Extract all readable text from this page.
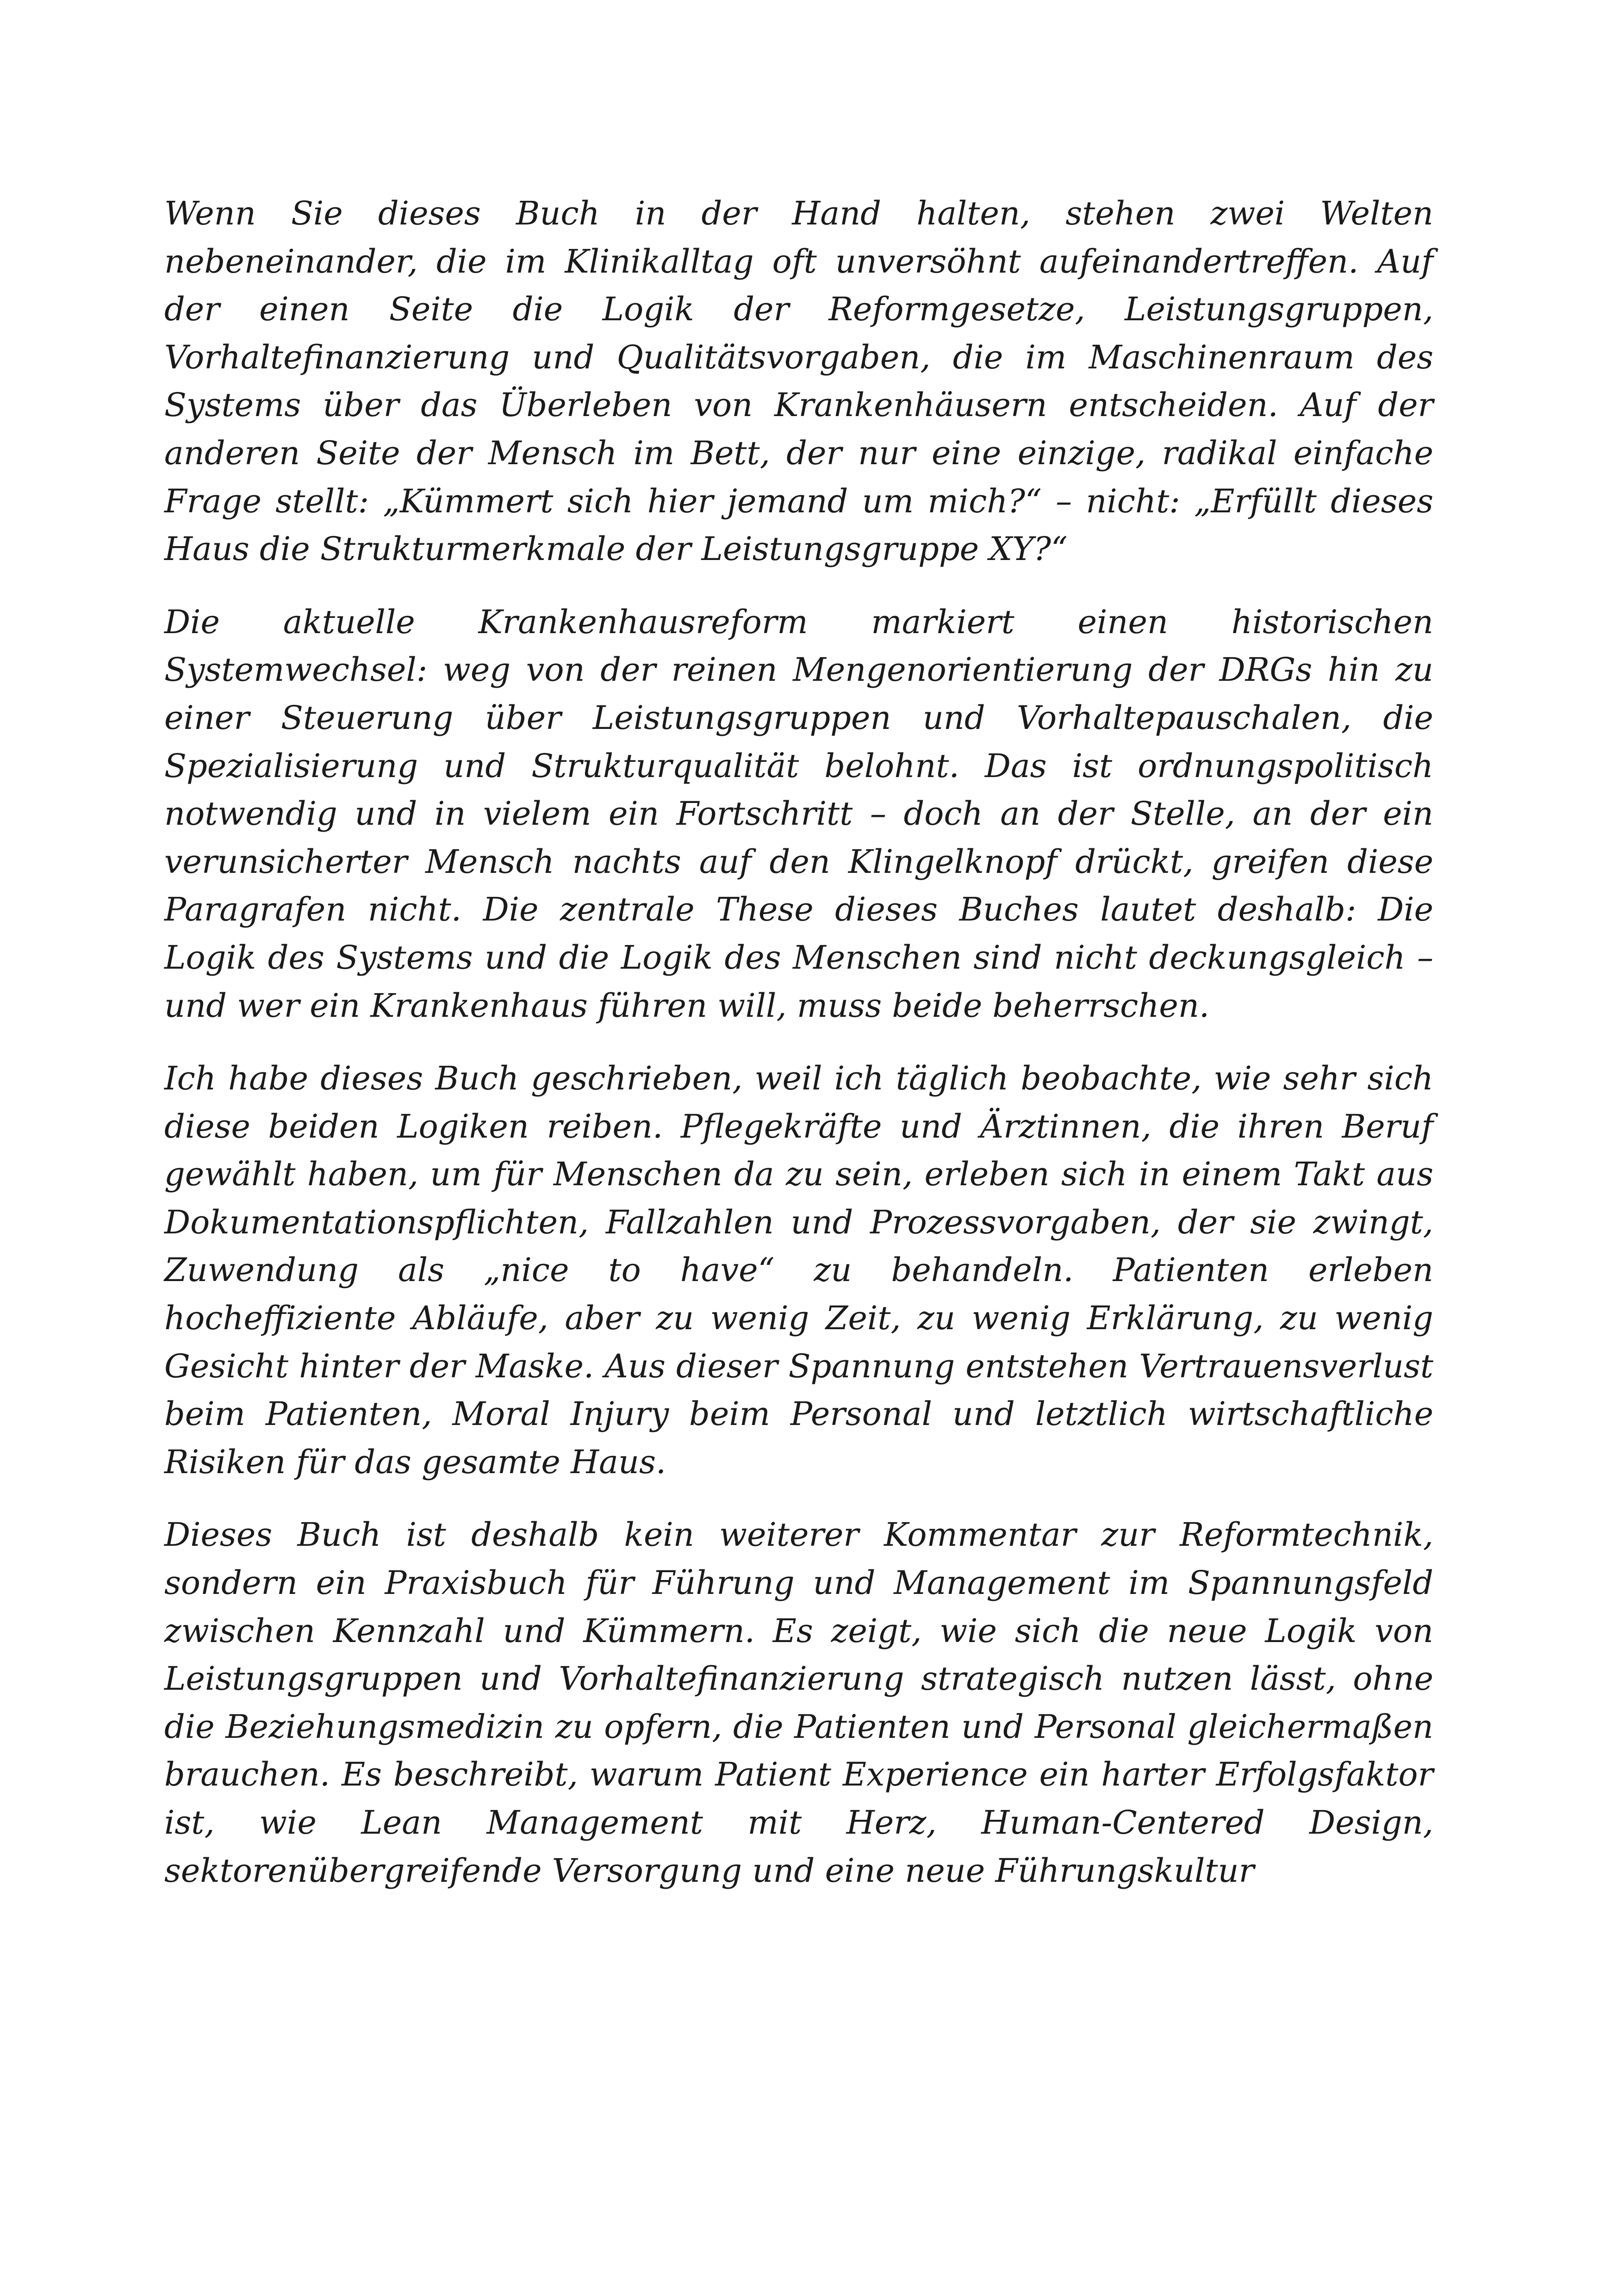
Wenn Sie dieses Buch in der Hand halten, stehen zwei Welten nebeneinander, die im Klinikalltag oft unversöhnt aufeinandertreffen. Auf der einen Seite die Logik der Reformgesetze, Leistungsgruppen, Vorhaltefinanzierung und Qualitätsvorgaben, die im Maschinenraum des Systems über das Überleben von Krankenhäusern entscheiden. Auf der anderen Seite der Mensch im Bett, der nur eine einzige, radikal einfache Frage stellt: „Kümmert sich hier jemand um mich?“ – nicht: „Erfüllt dieses Haus die Strukturmerkmale der Leistungsgruppe XY?“

Die aktuelle Krankenhausreform markiert einen historischen Systemwechsel: weg von der reinen Mengenorientierung der DRGs hin zu einer Steuerung über Leistungsgruppen und Vorhaltepauschalen, die Spezialisierung und Strukturqualität belohnt. Das ist ordnungspolitisch notwendig und in vielem ein Fortschritt – doch an der Stelle, an der ein verunsicherter Mensch nachts auf den Klingelknopf drückt, greifen diese Paragrafen nicht. Die zentrale These dieses Buches lautet deshalb: Die Logik des Systems und die Logik des Menschen sind nicht deckungsgleich – und wer ein Krankenhaus führen will, muss beide beherrschen.

Ich habe dieses Buch geschrieben, weil ich täglich beobachte, wie sehr sich diese beiden Logiken reiben. Pflegekräfte und Ärztinnen, die ihren Beruf gewählt haben, um für Menschen da zu sein, erleben sich in einem Takt aus Dokumentationspflichten, Fallzahlen und Prozessvorgaben, der sie zwingt, Zuwendung als „nice to have“ zu behandeln. Patienten erleben hocheffiziente Abläufe, aber zu wenig Zeit, zu wenig Erklärung, zu wenig Gesicht hinter der Maske. Aus dieser Spannung entstehen Vertrauensverlust beim Patienten, Moral Injury beim Personal und letztlich wirtschaftliche Risiken für das gesamte Haus.

Dieses Buch ist deshalb kein weiterer Kommentar zur Reformtechnik, sondern ein Praxisbuch für Führung und Management im Spannungsfeld zwischen Kennzahl und Kümmern. Es zeigt, wie sich die neue Logik von Leistungsgruppen und Vorhaltefinanzierung strategisch nutzen lässt, ohne die Beziehungsmedizin zu opfern, die Patienten und Personal gleichermaßen brauchen. Es beschreibt, warum Patient Experience ein harter Erfolgsfaktor ist, wie Lean Management mit Herz, Human-Centered Design, sektorenübergreifende Versorgung und eine neue Führungskultur
